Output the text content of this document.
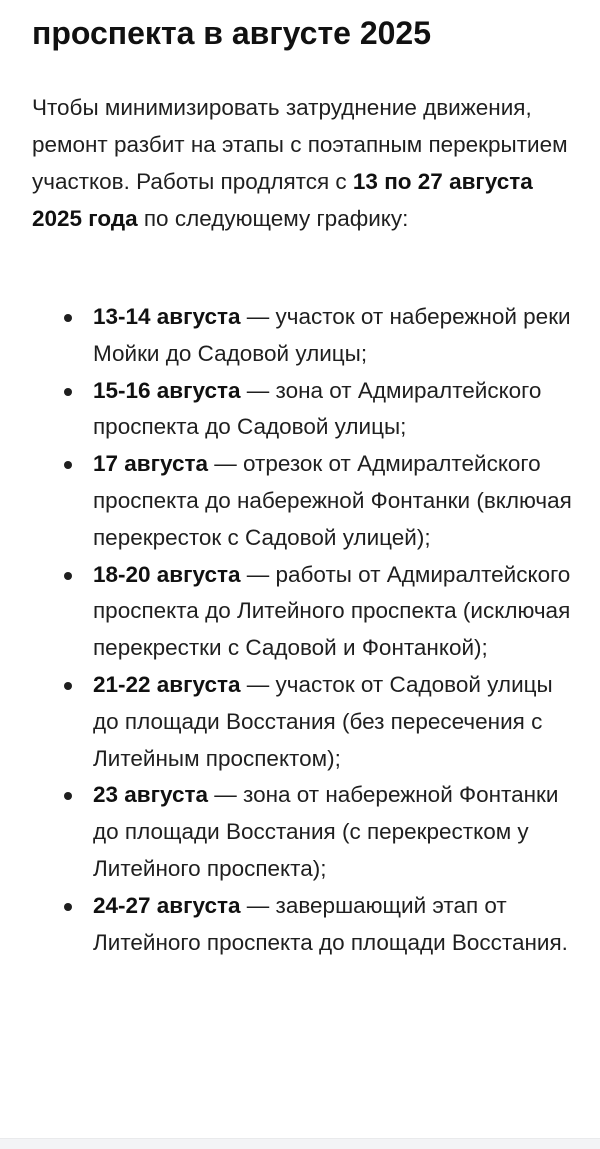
проспекта в августе 2025

Чтобы минимизировать затруднение движения, ремонт разбит на этапы с поэтапным перекрытием участков. Работы продлятся с 13 по 27 августа 2025 года по следующему графику:

13-14 августа — участок от набережной реки Мойки до Садовой улицы;
15-16 августа — зона от Адмиралтейского проспекта до Садовой улицы;
17 августа — отрезок от Адмиралтейского проспекта до набережной Фонтанки (включая перекресток с Садовой улицей);
18-20 августа — работы от Адмиралтейского проспекта до Литейного проспекта (исключая перекрестки с Садовой и Фонтанкой);
21-22 августа — участок от Садовой улицы до площади Восстания (без пересечения с Литейным проспектом);
23 августа — зона от набережной Фонтанки до площади Восстания (с перекрестком у Литейного проспекта);
24-27 августа — завершающий этап от Литейного проспекта до площади Восстания.
